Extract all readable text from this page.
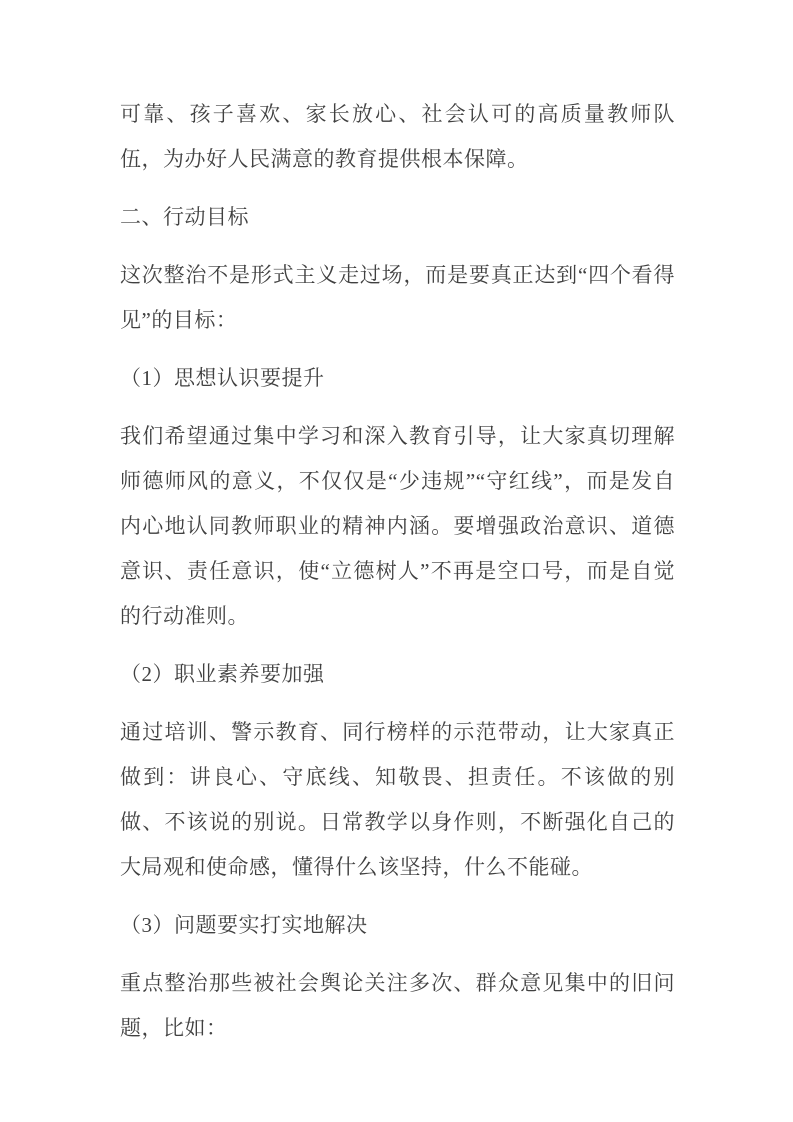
可靠、孩子喜欢、家长放心、社会认可的高质量教师队伍，为办好人民满意的教育提供根本保障。

二、行动目标

这次整治不是形式主义走过场，而是要真正达到“四个看得见”的目标：

（1）思想认识要提升

我们希望通过集中学习和深入教育引导，让大家真切理解师德师风的意义，不仅仅是“少违规”“守红线”，而是发自内心地认同教师职业的精神内涵。要增强政治意识、道德意识、责任意识，使“立德树人”不再是空口号，而是自觉的行动准则。

（2）职业素养要加强

通过培训、警示教育、同行榜样的示范带动，让大家真正做到：讲良心、守底线、知敬畏、担责任。不该做的别做、不该说的别说。日常教学以身作则，不断强化自己的大局观和使命感，懂得什么该坚持，什么不能碰。

（3）问题要实打实地解决

重点整治那些被社会舆论关注多次、群众意见集中的旧问题，比如：
